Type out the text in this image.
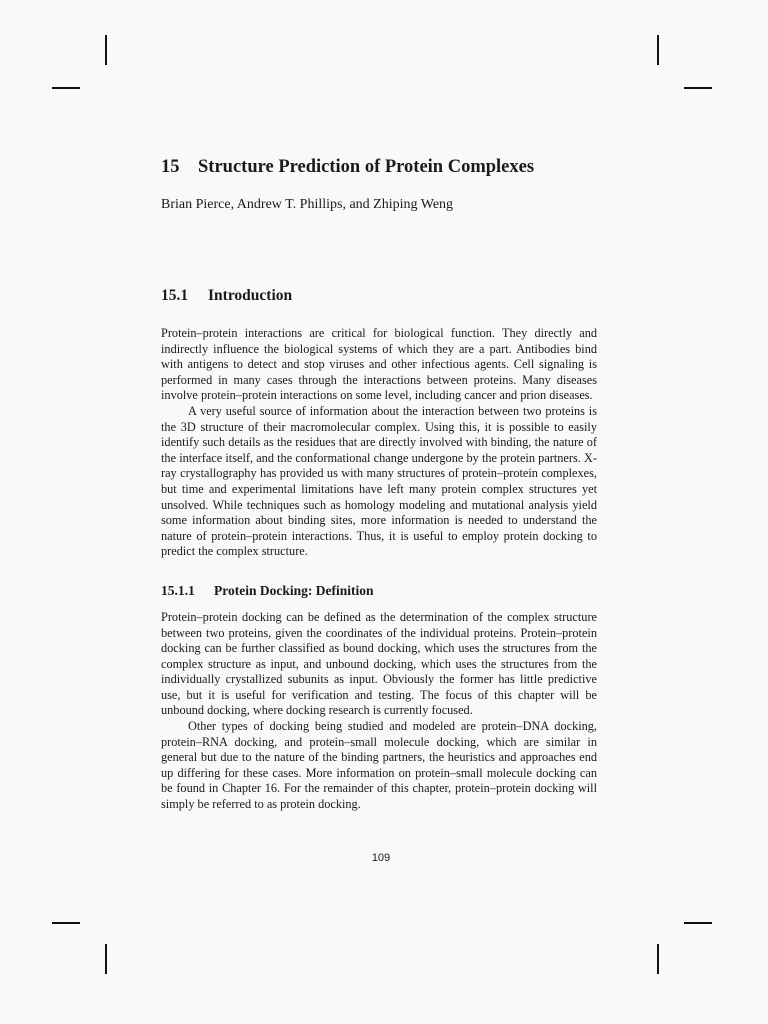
15 Structure Prediction of Protein Complexes
Brian Pierce, Andrew T. Phillips, and Zhiping Weng
15.1 Introduction

Protein–protein interactions are critical for biological function. They directly and indirectly influence the biological systems of which they are a part. Antibodies bind with antigens to detect and stop viruses and other infectious agents. Cell signaling is performed in many cases through the interactions between proteins. Many diseases involve protein–protein interactions on some level, including cancer and prion diseases.

A very useful source of information about the interaction between two proteins is the 3D structure of their macromolecular complex. Using this, it is possible to easily identify such details as the residues that are directly involved with binding, the nature of the interface itself, and the conformational change undergone by the protein partners. X-ray crystallography has provided us with many structures of protein–protein complexes, but time and experimental limitations have left many protein complex structures yet unsolved. While techniques such as homology modeling and mutational analysis yield some information about binding sites, more information is needed to understand the nature of protein–protein interactions. Thus, it is useful to employ protein docking to predict the complex structure.

15.1.1 Protein Docking: Definition

Protein–protein docking can be defined as the determination of the complex structure between two proteins, given the coordinates of the individual proteins. Protein–protein docking can be further classified as bound docking, which uses the structures from the complex structure as input, and unbound docking, which uses the structures from the individually crystallized subunits as input. Obviously the former has little predictive use, but it is useful for verification and testing. The focus of this chapter will be unbound docking, where docking research is currently focused.

Other types of docking being studied and modeled are protein–DNA docking, protein–RNA docking, and protein–small molecule docking, which are similar in general but due to the nature of the binding partners, the heuristics and approaches end up differing for these cases. More information on protein–small molecule docking can be found in Chapter 16. For the remainder of this chapter, protein–protein docking will simply be referred to as protein docking.

109
